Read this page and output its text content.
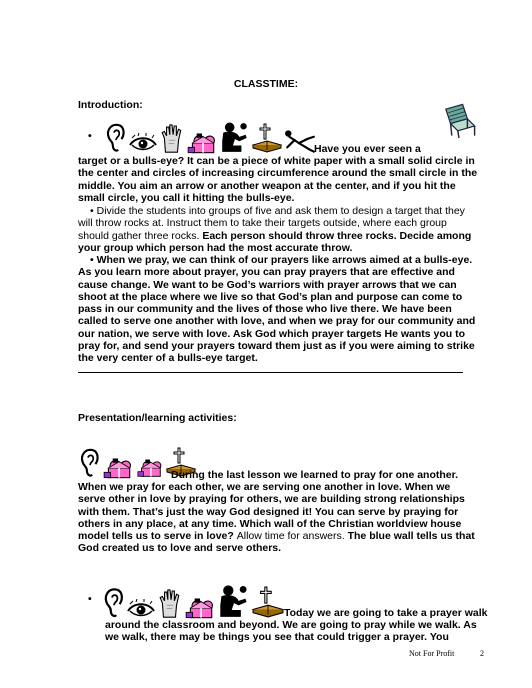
CLASSTIME:
Introduction:
•
Have you ever seen a
target or a bulls-eye? It can be a piece of white paper with a small solid circle in the center and circles of increasing circumference around the small circle in the middle. You aim an arrow or another weapon at the center, and if you hit the small circle, you call it hitting the bulls-eye.
• Divide the students into groups of five and ask them to design a target that they will throw rocks at. Instruct them to take their targets outside, where each group should gather three rocks. Each person should throw three rocks. Decide among your group which person had the most accurate throw.
• When we pray, we can think of our prayers like arrows aimed at a bulls-eye. As you learn more about prayer, you can pray prayers that are effective and cause change. We want to be God’s warriors with prayer arrows that we can shoot at the place where we live so that God’s plan and purpose can come to pass in our community and the lives of those who live there. We have been called to serve one another with love, and when we pray for our community and our nation, we serve with love. Ask God which prayer targets He wants you to pray for, and send your prayers toward them just as if you were aiming to strike the very center of a bulls-eye target.
Presentation/learning activities:
During the last lesson we learned to pray for one another.
When we pray for each other, we are serving one another in love. When we serve other in love by praying for others, we are building strong relationships with them. That’s just the way God designed it! You can serve by praying for others in any place, at any time. Which wall of the Christian worldview house model tells us to serve in love? Allow time for answers. The blue wall tells us that God created us to love and serve others.
•
Today we are going to take a prayer walk
around the classroom and beyond. We are going to pray while we walk. As we walk, there may be things you see that could trigger a prayer. You
Not For Profit	2
